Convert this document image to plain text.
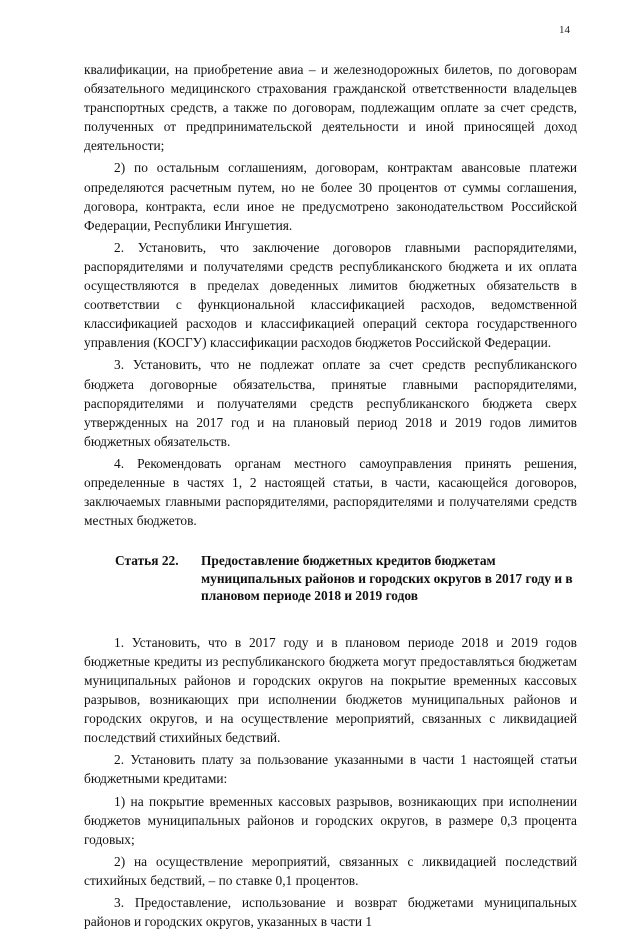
14

квалификации, на приобретение авиа – и железнодорожных билетов, по договорам обязательного медицинского страхования гражданской ответственности владельцев транспортных средств, а также по договорам, подлежащим оплате за счет средств, полученных от предпринимательской деятельности и иной приносящей доход деятельности;

2) по остальным соглашениям, договорам, контрактам авансовые платежи определяются расчетным путем, но не более 30 процентов от суммы соглашения, договора, контракта, если иное не предусмотрено законодательством Российской Федерации, Республики Ингушетия.

2. Установить, что заключение договоров главными распорядителями, распорядителями и получателями средств республиканского бюджета и их оплата осуществляются в пределах доведенных лимитов бюджетных обязательств в соответствии с функциональной классификацией расходов, ведомственной классификацией расходов и классификацией операций сектора государственного управления (КОСГУ) классификации расходов бюджетов Российской Федерации.

3. Установить, что не подлежат оплате за счет средств республиканского бюджета договорные обязательства, принятые главными распорядителями, распорядителями и получателями средств республиканского бюджета сверх утвержденных на 2017 год и на плановый период 2018 и 2019 годов лимитов бюджетных обязательств.

4. Рекомендовать органам местного самоуправления принять решения, определенные в частях 1, 2 настоящей статьи, в части, касающейся договоров, заключаемых главными распорядителями, распорядителями и получателями средств местных бюджетов.

Статья 22.	Предоставление бюджетных кредитов бюджетам муниципальных районов и городских округов в 2017 году и в плановом периоде 2018 и 2019 годов

1. Установить, что в 2017 году и в плановом периоде 2018 и 2019 годов бюджетные кредиты из республиканского бюджета могут предоставляться бюджетам муниципальных районов и городских округов на покрытие временных кассовых разрывов, возникающих при исполнении бюджетов муниципальных районов и городских округов, и на осуществление мероприятий, связанных с ликвидацией последствий стихийных бедствий.

2. Установить плату за пользование указанными в части 1 настоящей статьи бюджетными кредитами:

1) на покрытие временных кассовых разрывов, возникающих при исполнении бюджетов муниципальных районов и городских округов, в размере 0,3 процента годовых;

2) на осуществление мероприятий, связанных с ликвидацией последствий стихийных бедствий, – по ставке 0,1 процентов.

3. Предоставление, использование и возврат бюджетами муниципальных районов и городских округов, указанных в части 1
